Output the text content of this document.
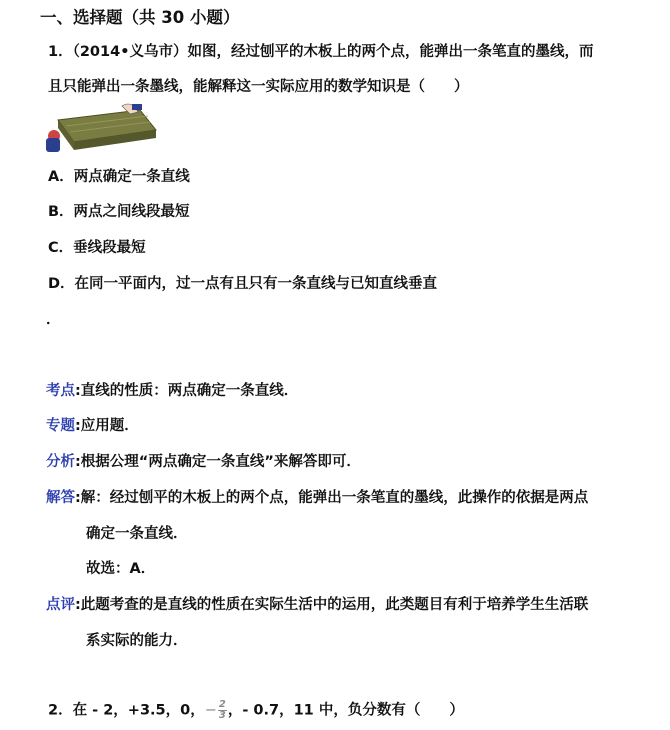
一、选择题（共 30 小题）
1．（2014•义乌市）如图，经过刨平的木板上的两个点，能弹出一条笔直的墨线，而
且只能弹出一条墨线，能解释这一实际应用的数学知识是（　　）
A．两点确定一条直线
B．两点之间线段最短
C．垂线段最短
D．在同一平面内，过一点有且只有一条直线与已知直线垂直
．
考点:直线的性质：两点确定一条直线．
专题:应用题．
分析:根据公理“两点确定一条直线”来解答即可．
解答:解：经过刨平的木板上的两个点，能弹出一条笔直的墨线，此操作的依据是两点
确定一条直线．
故选：A．
点评:此题考查的是直线的性质在实际生活中的运用，此类题目有利于培养学生生活联
系实际的能力．
2．在 - 2，+3.5，0，− $\frac{2}{3}$ ，- 0.7，11 中，负分数有（　　）
